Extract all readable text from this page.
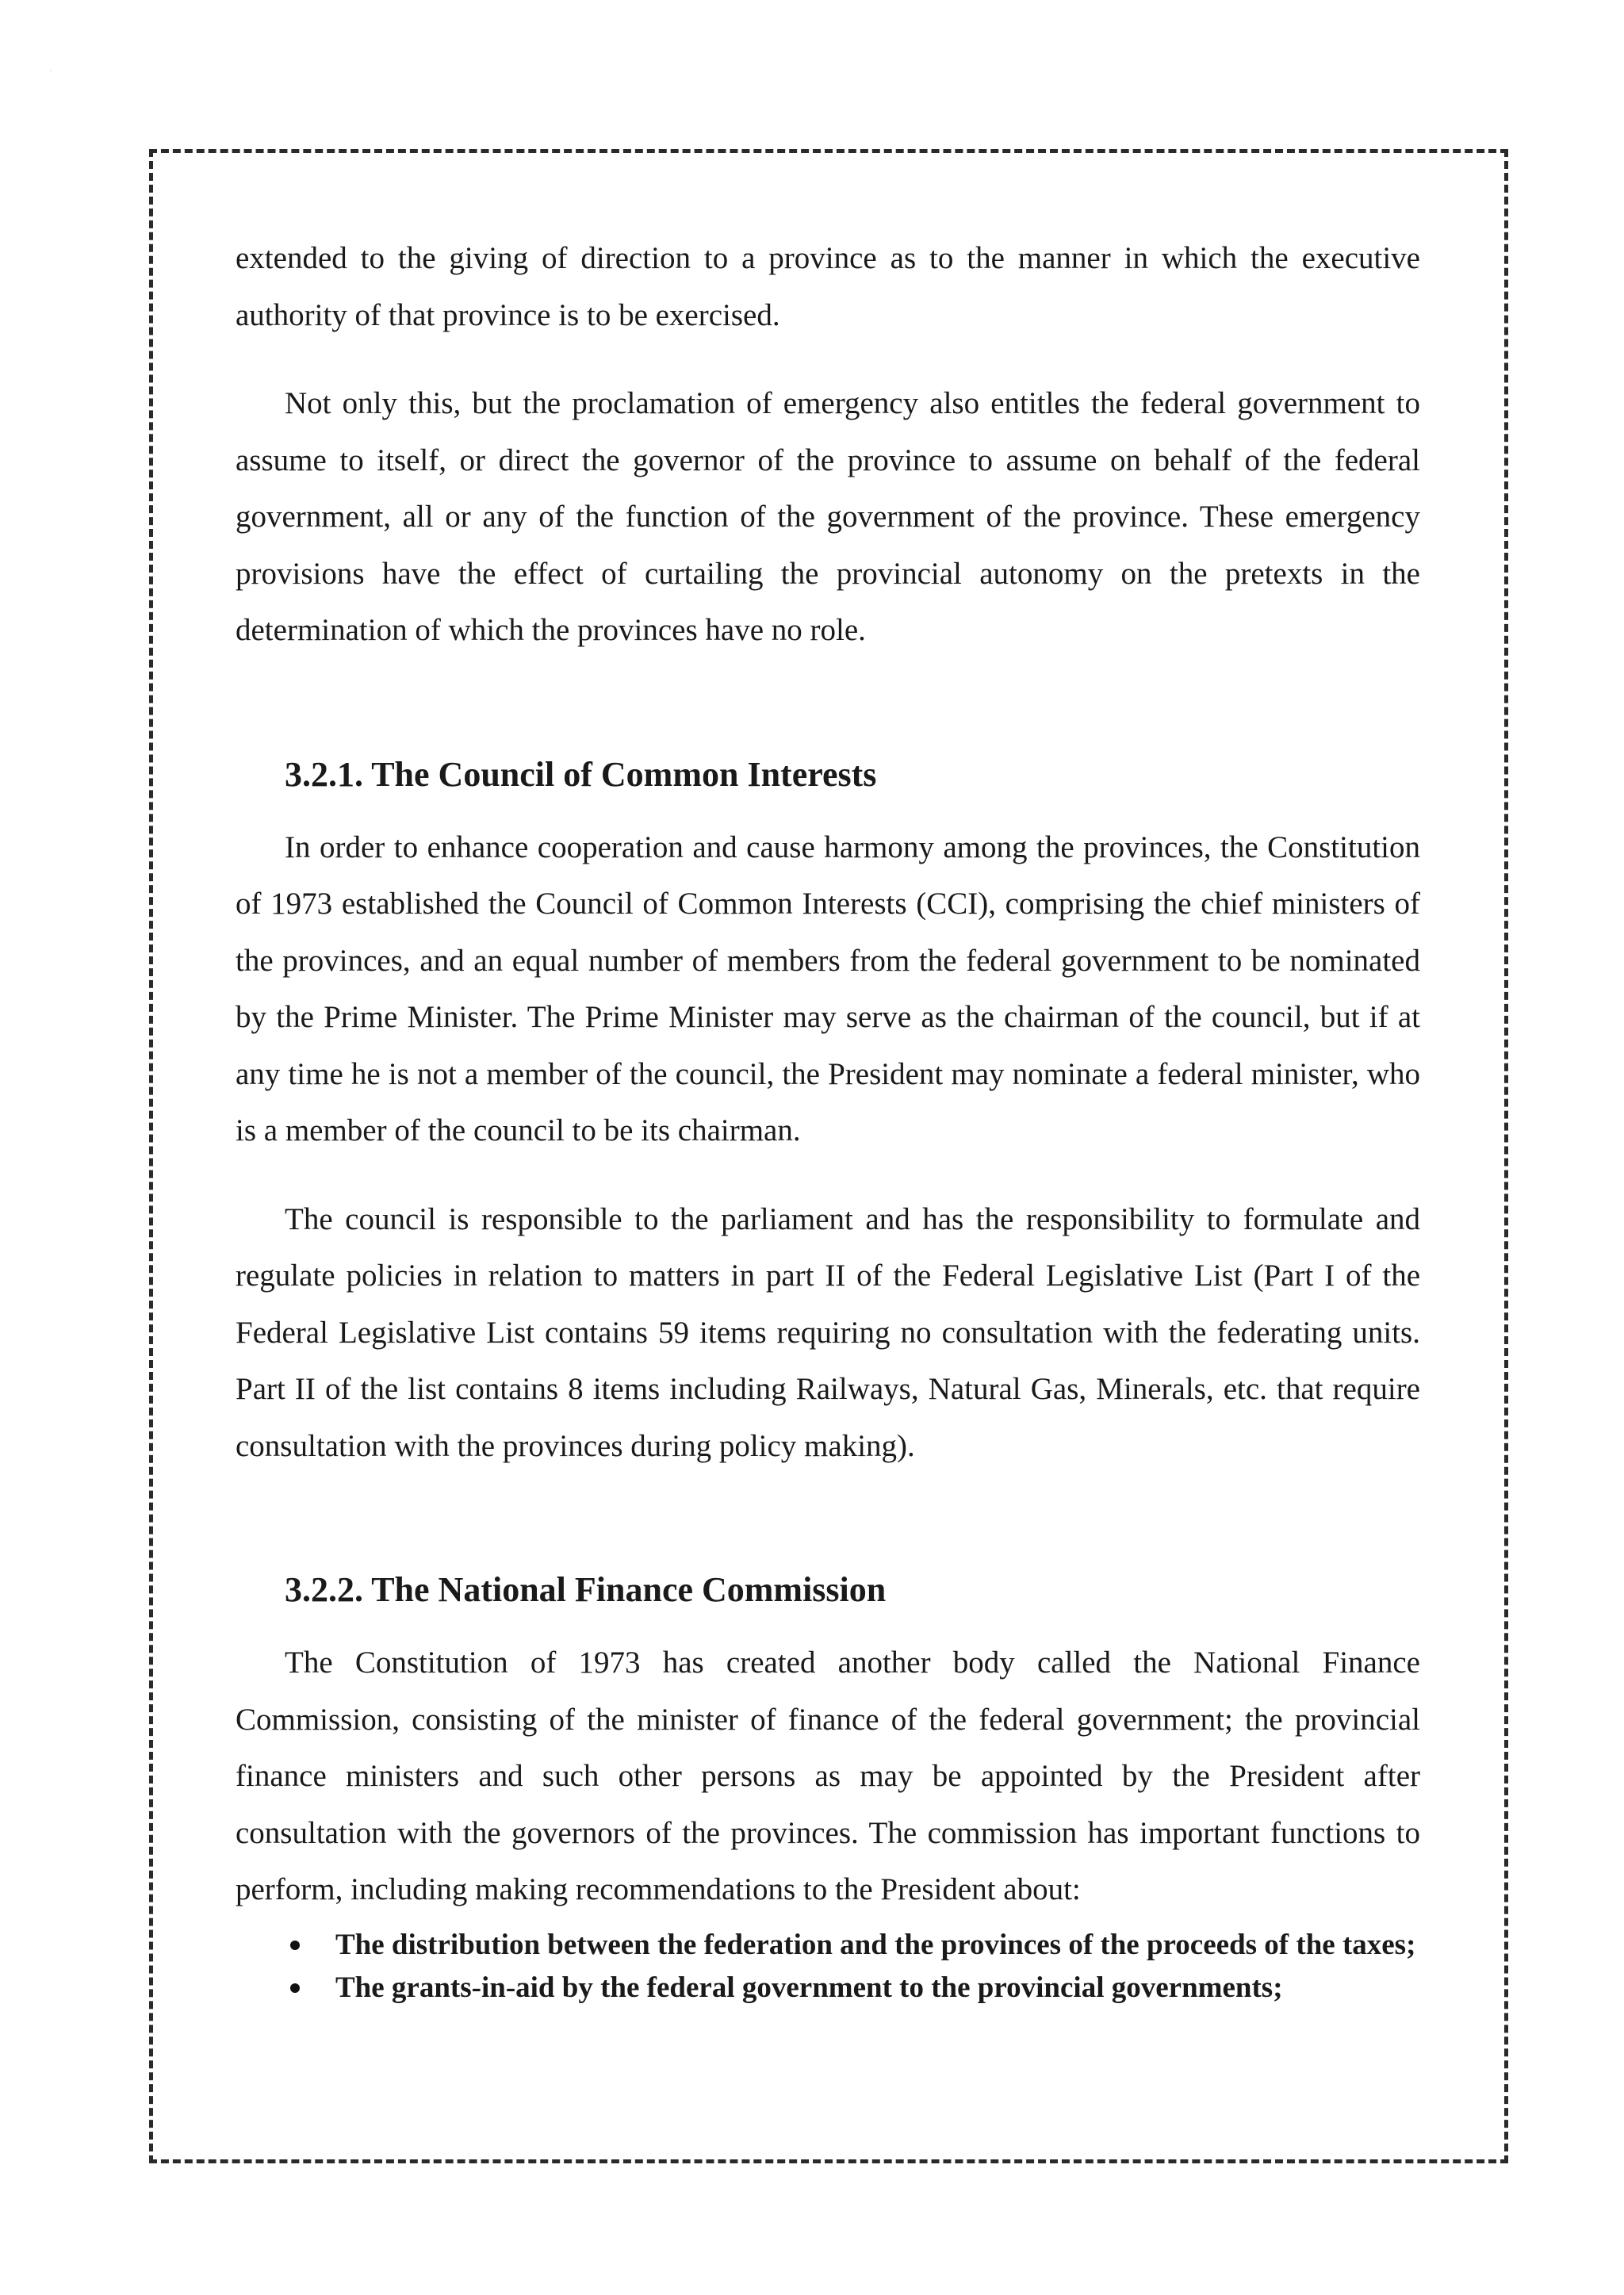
extended to the giving of direction to a province as to the manner in which the executive authority of that province is to be exercised.

Not only this, but the proclamation of emergency also entitles the federal government to assume to itself, or direct the governor of the province to assume on behalf of the federal government, all or any of the function of the government of the province. These emergency provisions have the effect of curtailing the provincial autonomy on the pretexts in the determination of which the provinces have no role.

3.2.1. The Council of Common Interests

In order to enhance cooperation and cause harmony among the provinces, the Constitution of 1973 established the Council of Common Interests (CCI), comprising the chief ministers of the provinces, and an equal number of members from the federal government to be nominated by the Prime Minister. The Prime Minister may serve as the chairman of the council, but if at any time he is not a member of the council, the President may nominate a federal minister, who is a member of the council to be its chairman.

The council is responsible to the parliament and has the responsibility to formulate and regulate policies in relation to matters in part II of the Federal Legislative List (Part I of the Federal Legislative List contains 59 items requiring no consultation with the federating units. Part II of the list contains 8 items including Railways, Natural Gas, Minerals, etc. that require consultation with the provinces during policy making).

3.2.2. The National Finance Commission

The Constitution of 1973 has created another body called the National Finance Commission, consisting of the minister of finance of the federal government; the provincial finance ministers and such other persons as may be appointed by the President after consultation with the governors of the provinces. The commission has important functions to perform, including making recommendations to the President about:

The distribution between the federation and the provinces of the proceeds of the taxes;
The grants-in-aid by the federal government to the provincial governments;
